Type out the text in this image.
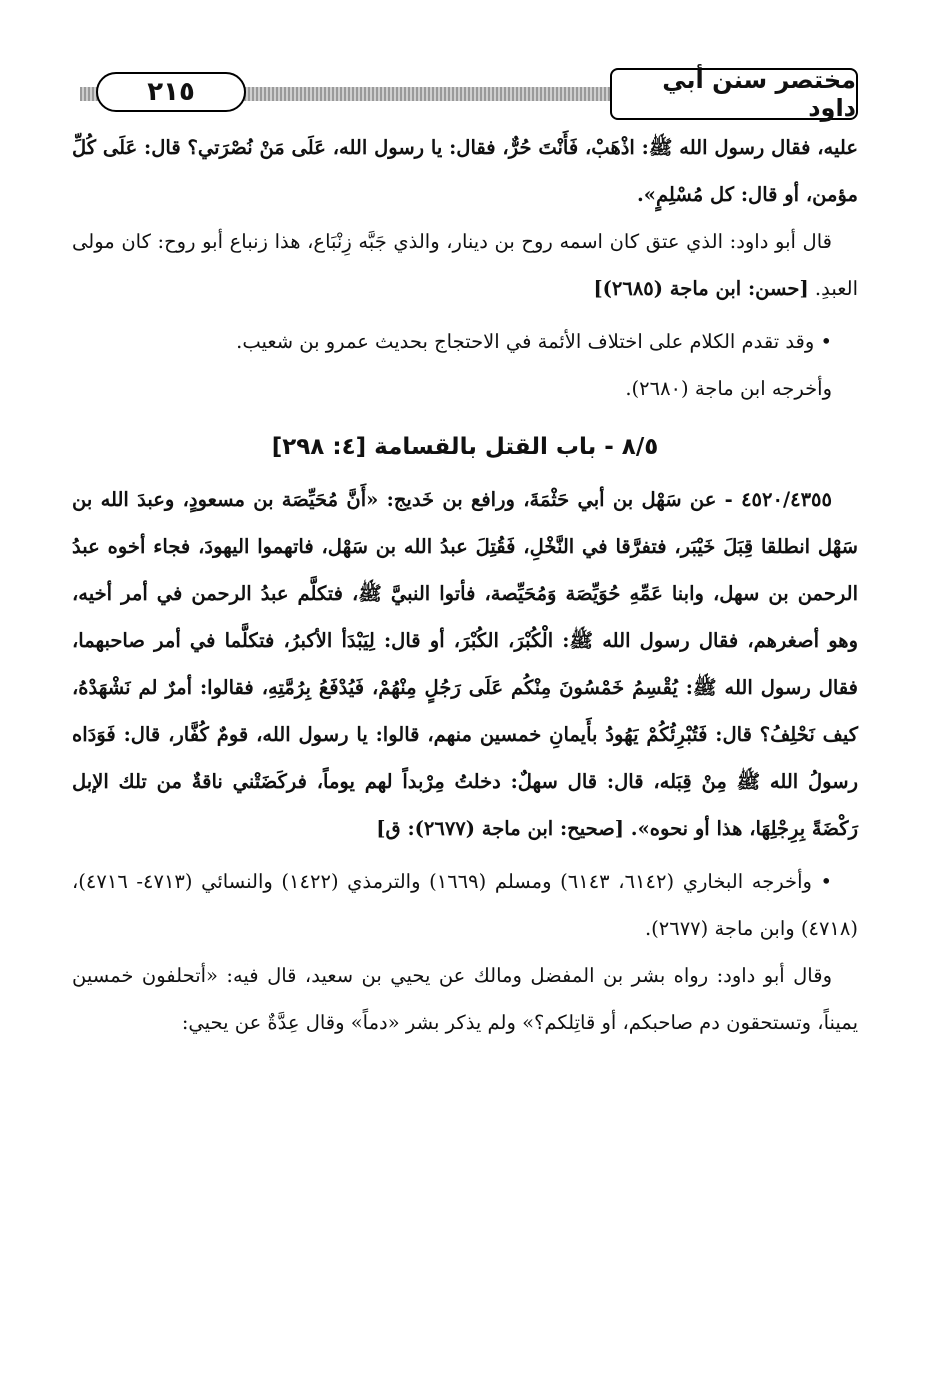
مختصر سنن أبي داود
٢١٥

عليه، فقال رسول الله ﷺ: اذْهَبْ، فَأَنْتَ حُرٌّ، فقال: يا رسول الله، عَلَى مَنْ نُصْرَتي؟ قال: عَلَى كُلِّ مؤمن، أو قال: كل مُسْلِمٍ».

قال أبو داود: الذي عتق كان اسمه روح بن دينار، والذي جَبَّه زِنْبَاع، هذا زنباع أبو روح: كان مولى العبدِ. [حسن: ابن ماجة (٢٦٨٥)]

• وقد تقدم الكلام على اختلاف الأئمة في الاحتجاج بحديث عمرو بن شعيب.

وأخرجه ابن ماجة (٢٦٨٠).

٨/٥ - باب القتل بالقسامة [٤: ٢٩٨]

٤٥٢٠/٤٣٥٥ - عن سَهْل بن أبي حَثْمَةَ، ورافع بن خَديج: «أَنَّ مُحَيِّصَة بن مسعودٍ، وعبدَ الله بن سَهْل انطلقا قِبَلَ خَيْبَر، فتفرَّقا في النَّخْلِ، فَقُتِلَ عبدُ الله بن سَهْل، فاتهموا اليهودَ، فجاء أخوه عبدُ الرحمن بن سهل، وابنا عَمِّهِ حُوَيِّصَة وَمُحَيِّصة، فأتوا النبيَّ ﷺ، فتكلَّم عبدُ الرحمن في أمر أخيه، وهو أصغرهم، فقال رسول الله ﷺ: الْكُبْرَ، الكُبْرَ، أو قال: لِيَبْدَأ الأكبرُ، فتكلَّما في أمر صاحبهما، فقال رسول الله ﷺ: يُقْسِمُ خَمْسُونَ مِنْكُم عَلَى رَجُلٍ مِنْهُمْ، فَيُدْفَعُ بِرُمَّتِهِ، فقالوا: أمرٌ لم نَشْهَدْهُ، كيف نَحْلِفُ؟ قال: فَتُبْرِئُكُمْ يَهُودُ بأَيمانِ خمسين منهم، قالوا: يا رسول الله، قومٌ كُفَّار، قال: فَوَدَاه رسولُ الله ﷺ مِنْ قِبَله، قال: قال سهلٌ: دخلتُ مِرْبداً لهم يوماً، فركَضَتْني ناقةٌ من تلك الإبل رَكْضَةً بِرِجْلِهَا، هذا أو نحوه». [صحيح: ابن ماجة (٢٦٧٧): ق]

• وأخرجه البخاري (٦١٤٢، ٦١٤٣) ومسلم (١٦٦٩) والترمذي (١٤٢٢) والنسائي (٤٧١٣- ٤٧١٦)، (٤٧١٨) وابن ماجة (٢٦٧٧).

وقال أبو داود: رواه بشر بن المفضل ومالك عن يحيي بن سعيد، قال فيه: «أتحلفون خمسين يميناً، وتستحقون دم صاحبكم، أو قاتِلكم؟» ولم يذكر بشر «دماً» وقال عِدَّةٌ عن يحيي:
